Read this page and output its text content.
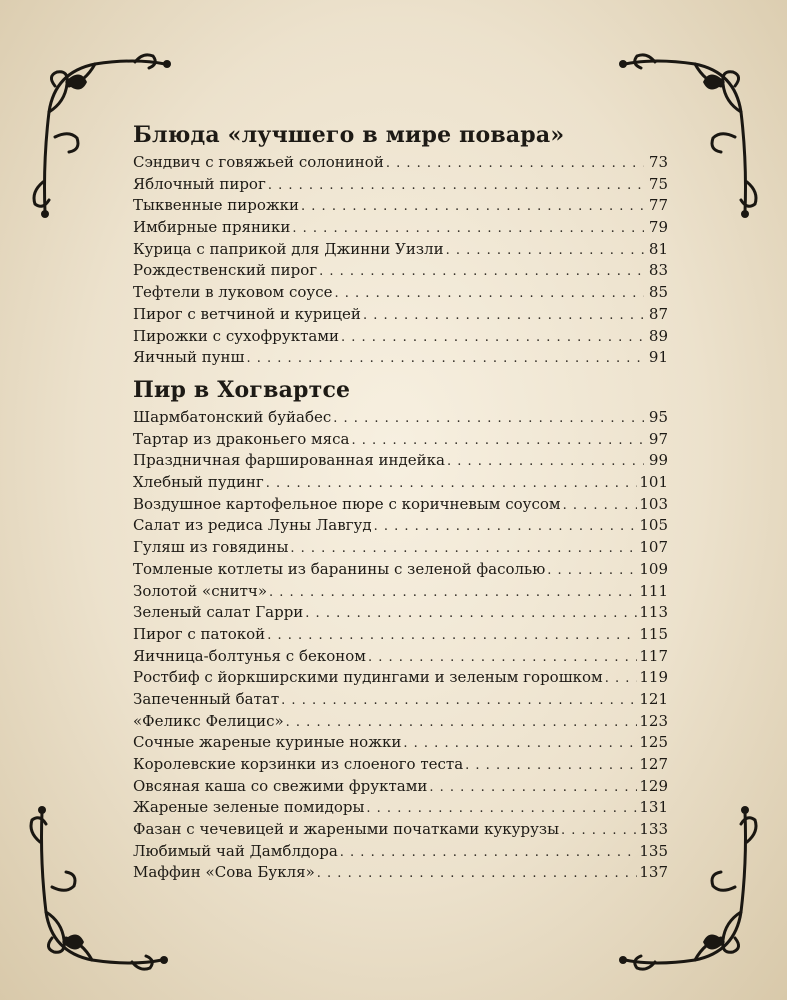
Блюда «лучшего в мире повара»
Сэндвич с говяжьей солониной . . .	73
Яблочный пирог . . .	75
Тыквенные пирожки . . .	77
Имбирные пряники . . .	79
Курица с паприкой для Джинни Уизли . . .	81
Рождественский пирог . . .	83
Тефтели в луковом соусе . . .	85
Пирог с ветчиной и курицей . . .	87
Пирожки с сухофруктами . . .	89
Яичный пунш . . .	91
Пир в Хогвартсе
Шармбатонский буйабес . . .	95
Тартар из драконьего мяса . . .	97
Праздничная фаршированная индейка . . .	99
Хлебный пудинг . . .	101
Воздушное картофельное пюре с коричневым соусом . . .	103
Салат из редиса Луны Лавгуд . . .	105
Гуляш из говядины . . .	107
Томленые котлеты из баранины с зеленой фасолью . . .	109
Золотой «снитч» . . .	111
Зеленый салат Гарри . . .	113
Пирог с патокой . . .	115
Яичница-болтунья с беконом . . .	117
Ростбиф с йоркширскими пудингами и зеленым горошком . . . 119
Запеченный батат . . .	121
«Феликс Фелицис» . . .	123
Сочные жареные куриные ножки . . .	125
Королевские корзинки из слоеного теста . . .	127
Овсяная каша со свежими фруктами . . .	129
Жареные зеленые помидоры . . .	131
Фазан с чечевицей и жареными початками кукурузы . . .	133
Любимый чай Дамблдора . . .	135
Маффин «Сова Букля» . . .	137
